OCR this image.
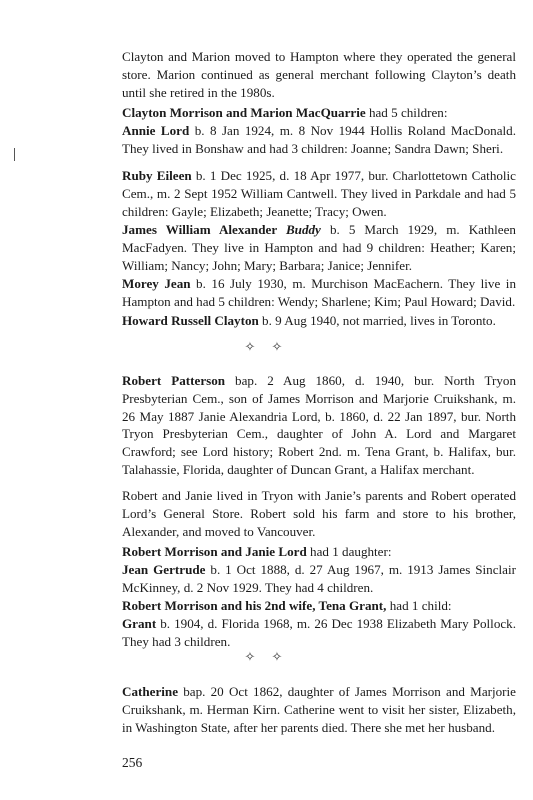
Clayton and Marion moved to Hampton where they operated the general store. Marion continued as general merchant following Clayton’s death until she retired in the 1980s.

Clayton Morrison and Marion MacQuarrie had 5 children:
Annie Lord b. 8 Jan 1924, m. 8 Nov 1944 Hollis Roland MacDonald. They lived in Bonshaw and had 3 children: Joanne; Sandra Dawn; Sheri.

Ruby Eileen b. 1 Dec 1925, d. 18 Apr 1977, bur. Charlottetown Catholic Cem., m. 2 Sept 1952 William Cantwell. They lived in Parkdale and had 5 children: Gayle; Elizabeth; Jeanette; Tracy; Owen.

James William Alexander Buddy b. 5 March 1929, m. Kathleen MacFadyen. They live in Hampton and had 9 children: Heather; Karen; William; Nancy; John; Mary; Barbara; Janice; Jennifer.

Morey Jean b. 16 July 1930, m. Murchison MacEachern. They live in Hampton and had 5 children: Wendy; Sharlene; Kim; Paul Howard; David.

Howard Russell Clayton b. 9 Aug 1940, not married, lives in Toronto.

✧ ✧

Robert Patterson bap. 2 Aug 1860, d. 1940, bur. North Tryon Presbyterian Cem., son of James Morrison and Marjorie Cruikshank, m. 26 May 1887 Janie Alexandria Lord, b. 1860, d. 22 Jan 1897, bur. North Tryon Presbyterian Cem., daughter of John A. Lord and Margaret Crawford; see Lord history; Robert 2nd. m. Tena Grant, b. Halifax, bur. Talahassie, Florida, daughter of Duncan Grant, a Halifax merchant.

Robert and Janie lived in Tryon with Janie’s parents and Robert operated Lord’s General Store. Robert sold his farm and store to his brother, Alexander, and moved to Vancouver.

Robert Morrison and Janie Lord had 1 daughter:
Jean Gertrude b. 1 Oct 1888, d. 27 Aug 1967, m. 1913 James Sinclair McKinney, d. 2 Nov 1929. They had 4 children.

Robert Morrison and his 2nd wife, Tena Grant, had 1 child:
Grant b. 1904, d. Florida 1968, m. 26 Dec 1938 Elizabeth Mary Pollock. They had 3 children.

✧ ✧

Catherine bap. 20 Oct 1862, daughter of James Morrison and Marjorie Cruikshank, m. Herman Kirn. Catherine went to visit her sister, Elizabeth, in Washington State, after her parents died. There she met her husband.

256
